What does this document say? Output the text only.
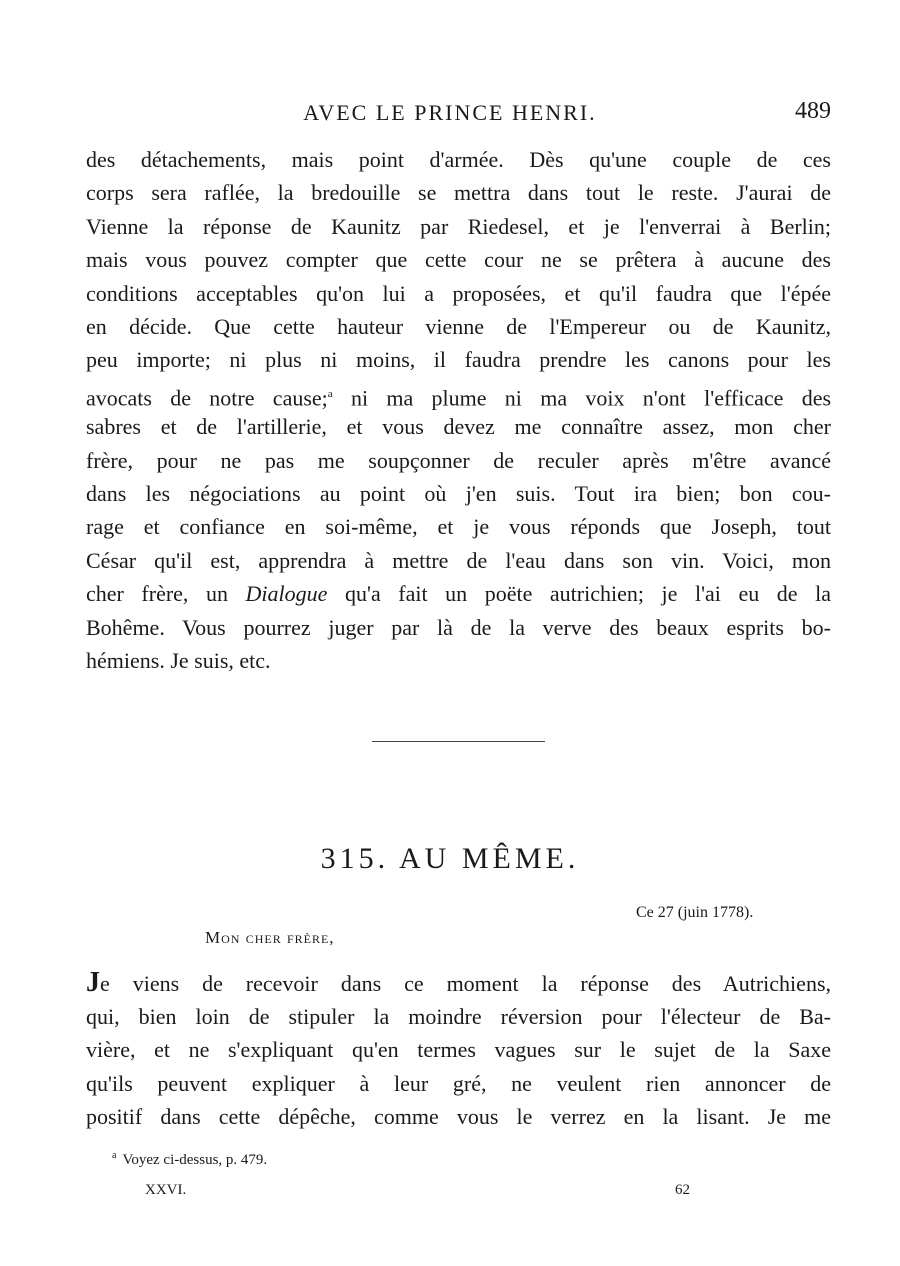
AVEC LE PRINCE HENRI.	489
des détachements, mais point d'armée. Dès qu'une couple de ces
corps sera raflée, la bredouille se mettra dans tout le reste. J'aurai de
Vienne la réponse de Kaunitz par Riedesel, et je l'enverrai à Berlin;
mais vous pouvez compter que cette cour ne se prêtera à aucune des
conditions acceptables qu'on lui a proposées, et qu'il faudra que l'épée
en décide. Que cette hauteur vienne de l'Empereur ou de Kaunitz,
peu importe; ni plus ni moins, il faudra prendre les canons pour les
avocats de notre cause;$^a$ ni ma plume ni ma voix n'ont l'efficace des
sabres et de l'artillerie, et vous devez me connaître assez, mon cher
frère, pour ne pas me soupçonner de reculer après m'être avancé
dans les négociations au point où j'en suis. Tout ira bien; bon cou-
rage et confiance en soi-même, et je vous réponds que Joseph, tout
César qu'il est, apprendra à mettre de l'eau dans son vin. Voici, mon
cher frère, un Dialogue qu'a fait un poëte autrichien; je l'ai eu de la
Bohême. Vous pourrez juger par là de la verve des beaux esprits bo-
hémiens. Je suis, etc.
315. AU MÊME.
Ce 27 (juin 1778).
Mon cher frère,
Je viens de recevoir dans ce moment la réponse des Autrichiens,
qui, bien loin de stipuler la moindre réversion pour l'électeur de Ba-
vière, et ne s'expliquant qu'en termes vagues sur le sujet de la Saxe
qu'ils peuvent expliquer à leur gré, ne veulent rien annoncer de
positif dans cette dépêche, comme vous le verrez en la lisant. Je me
$^a$ Voyez ci-dessus, p. 479.
XXVI.	62
